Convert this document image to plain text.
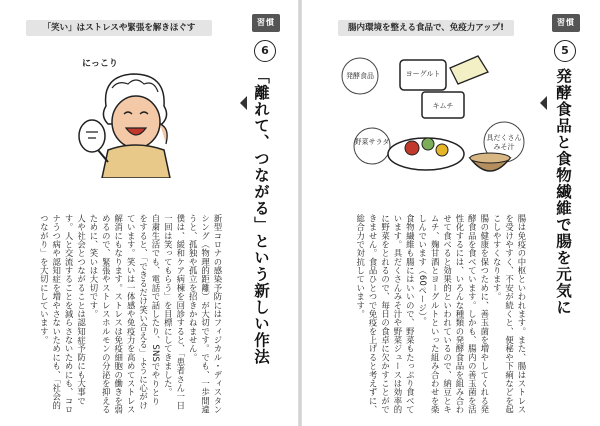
「笑い」はストレスや緊張を解きほぐす
習慣
6
「離れて、つながる」という新しい作法
にっこり

新型コロナの感染予防にはフィジカル・ディスタンシング（物理的距離）が大切です。でも、一歩間違うと、孤独や孤立を招きかねません。

僕は、緩和ケア病棟を回診すると、「患者さん一日一回は笑ってもらう」を目標にしてきました。

自粛生活でも、電話で話したり、SNSでやりとりをすると、「できるだけ笑い合える」ように心がけています。笑いは一体感や免疫力を高めてストレス解消にもなります。ストレスは免疫細胞の働きを弱めるので、緊張やストレスホルモンの分泌を抑えるために、笑いは大切です。

人や社会とつながることは認知症予防にも大事です。人と交流することを減らさないためにも、コロナうつ病や認知症を増やさないためにも、「社会的つながり」を大切にしています。

腸内環境を整える食品で、免疫力アップ!
習慣
5
発酵食品と食物繊維で腸を元気に
発酵食品	ヨーグルト
キムチ
野菜サラダ	具だくさんみそ汁

腸は免疫の中枢といわれます。また、腸はストレスを受けやすく、不安が続くと、便秘や下痢などを起こしやすくなります。

腸の健康を保つために、善玉菌を増やしてくれる発酵食品を食べています。しかも、腸内の善玉菌を活性化するには、いろんな種類の発酵食品を組み合わせて食べると効果的といわれているので、納豆とキムチ、麹甘酒とヨーグルトといった組み合わせを楽しんでいます（60ページ）。

食物繊維も腸にはいいので、野菜もたっぷり食べています。具だくさんみそ汁や野菜ジュースは効率的に野菜をとれるので、毎日の食卓に欠かすことができません。食品ひとつで免疫を上げると考えずに、総合力で対抗しています。
